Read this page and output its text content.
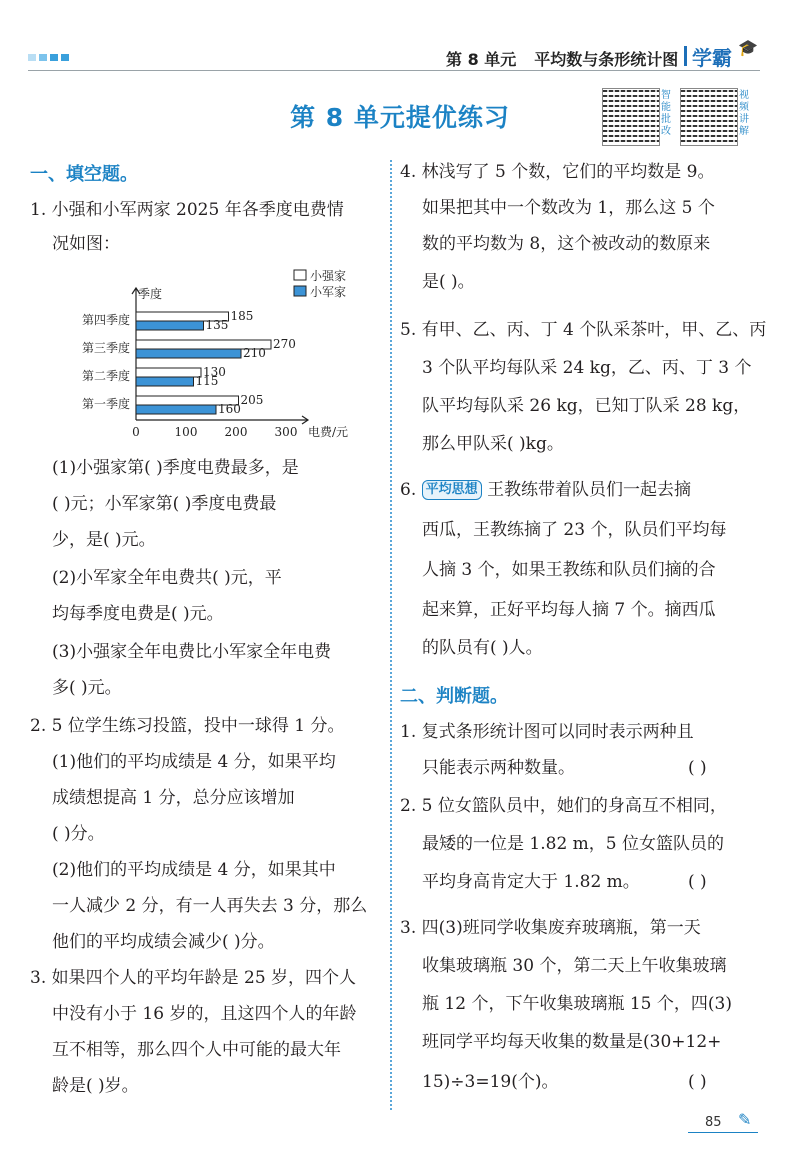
第 8 单元 平均数与条形统计图 学霸 🎓
第 8 单元提优练习
智能批改
视频讲解
一、填空题。
1. 小强和小军两家 2025 年各季度电费情
况如图：
季度
电费/元
0	100 200 300
小强家
小军家
第四季度	185
135
第三季度	270
210
第二季度	130
115
第一季度	205
160
(1)小强家第( )季度电费最多，是
( )元；小军家第( )季度电费最
少，是( )元。
(2)小军家全年电费共( )元，平
均每季度电费是( )元。
(3)小强家全年电费比小军家全年电费
多( )元。
2. 5 位学生练习投篮，投中一球得 1 分。
(1)他们的平均成绩是 4 分，如果平均
成绩想提高 1 分，总分应该增加
( )分。
(2)他们的平均成绩是 4 分，如果其中
一人减少 2 分，有一人再失去 3 分，那么
他们的平均成绩会减少( )分。
3. 如果四个人的平均年龄是 25 岁，四个人
中没有小于 16 岁的，且这四个人的年龄
互不相等，那么四个人中可能的最大年
龄是( )岁。
4. 林浅写了 5 个数，它们的平均数是 9。
如果把其中一个数改为 1，那么这 5 个
数的平均数为 8，这个被改动的数原来
是( )。
5. 有甲、乙、丙、丁 4 个队采茶叶，甲、乙、丙
3 个队平均每队采 24 kg，乙、丙、丁 3 个
队平均每队采 26 kg，已知丁队采 28 kg，
那么甲队采( )kg。
6. 平均思想 王教练带着队员们一起去摘
西瓜，王教练摘了 23 个，队员们平均每
人摘 3 个，如果王教练和队员们摘的合
起来算，正好平均每人摘 7 个。摘西瓜
的队员有( )人。
二、判断题。
1. 复式条形统计图可以同时表示两种且
只能表示两种数量。	( )
2. 5 位女篮队员中，她们的身高互不相同，
最矮的一位是 1.82 m，5 位女篮队员的
平均身高肯定大于 1.82 m。	( )
3. 四(3)班同学收集废弃玻璃瓶，第一天
收集玻璃瓶 30 个，第二天上午收集玻璃
瓶 12 个，下午收集玻璃瓶 15 个，四(3)
班同学平均每天收集的数量是(30+12+
15)÷3=19(个)。	( )
85 ✎
